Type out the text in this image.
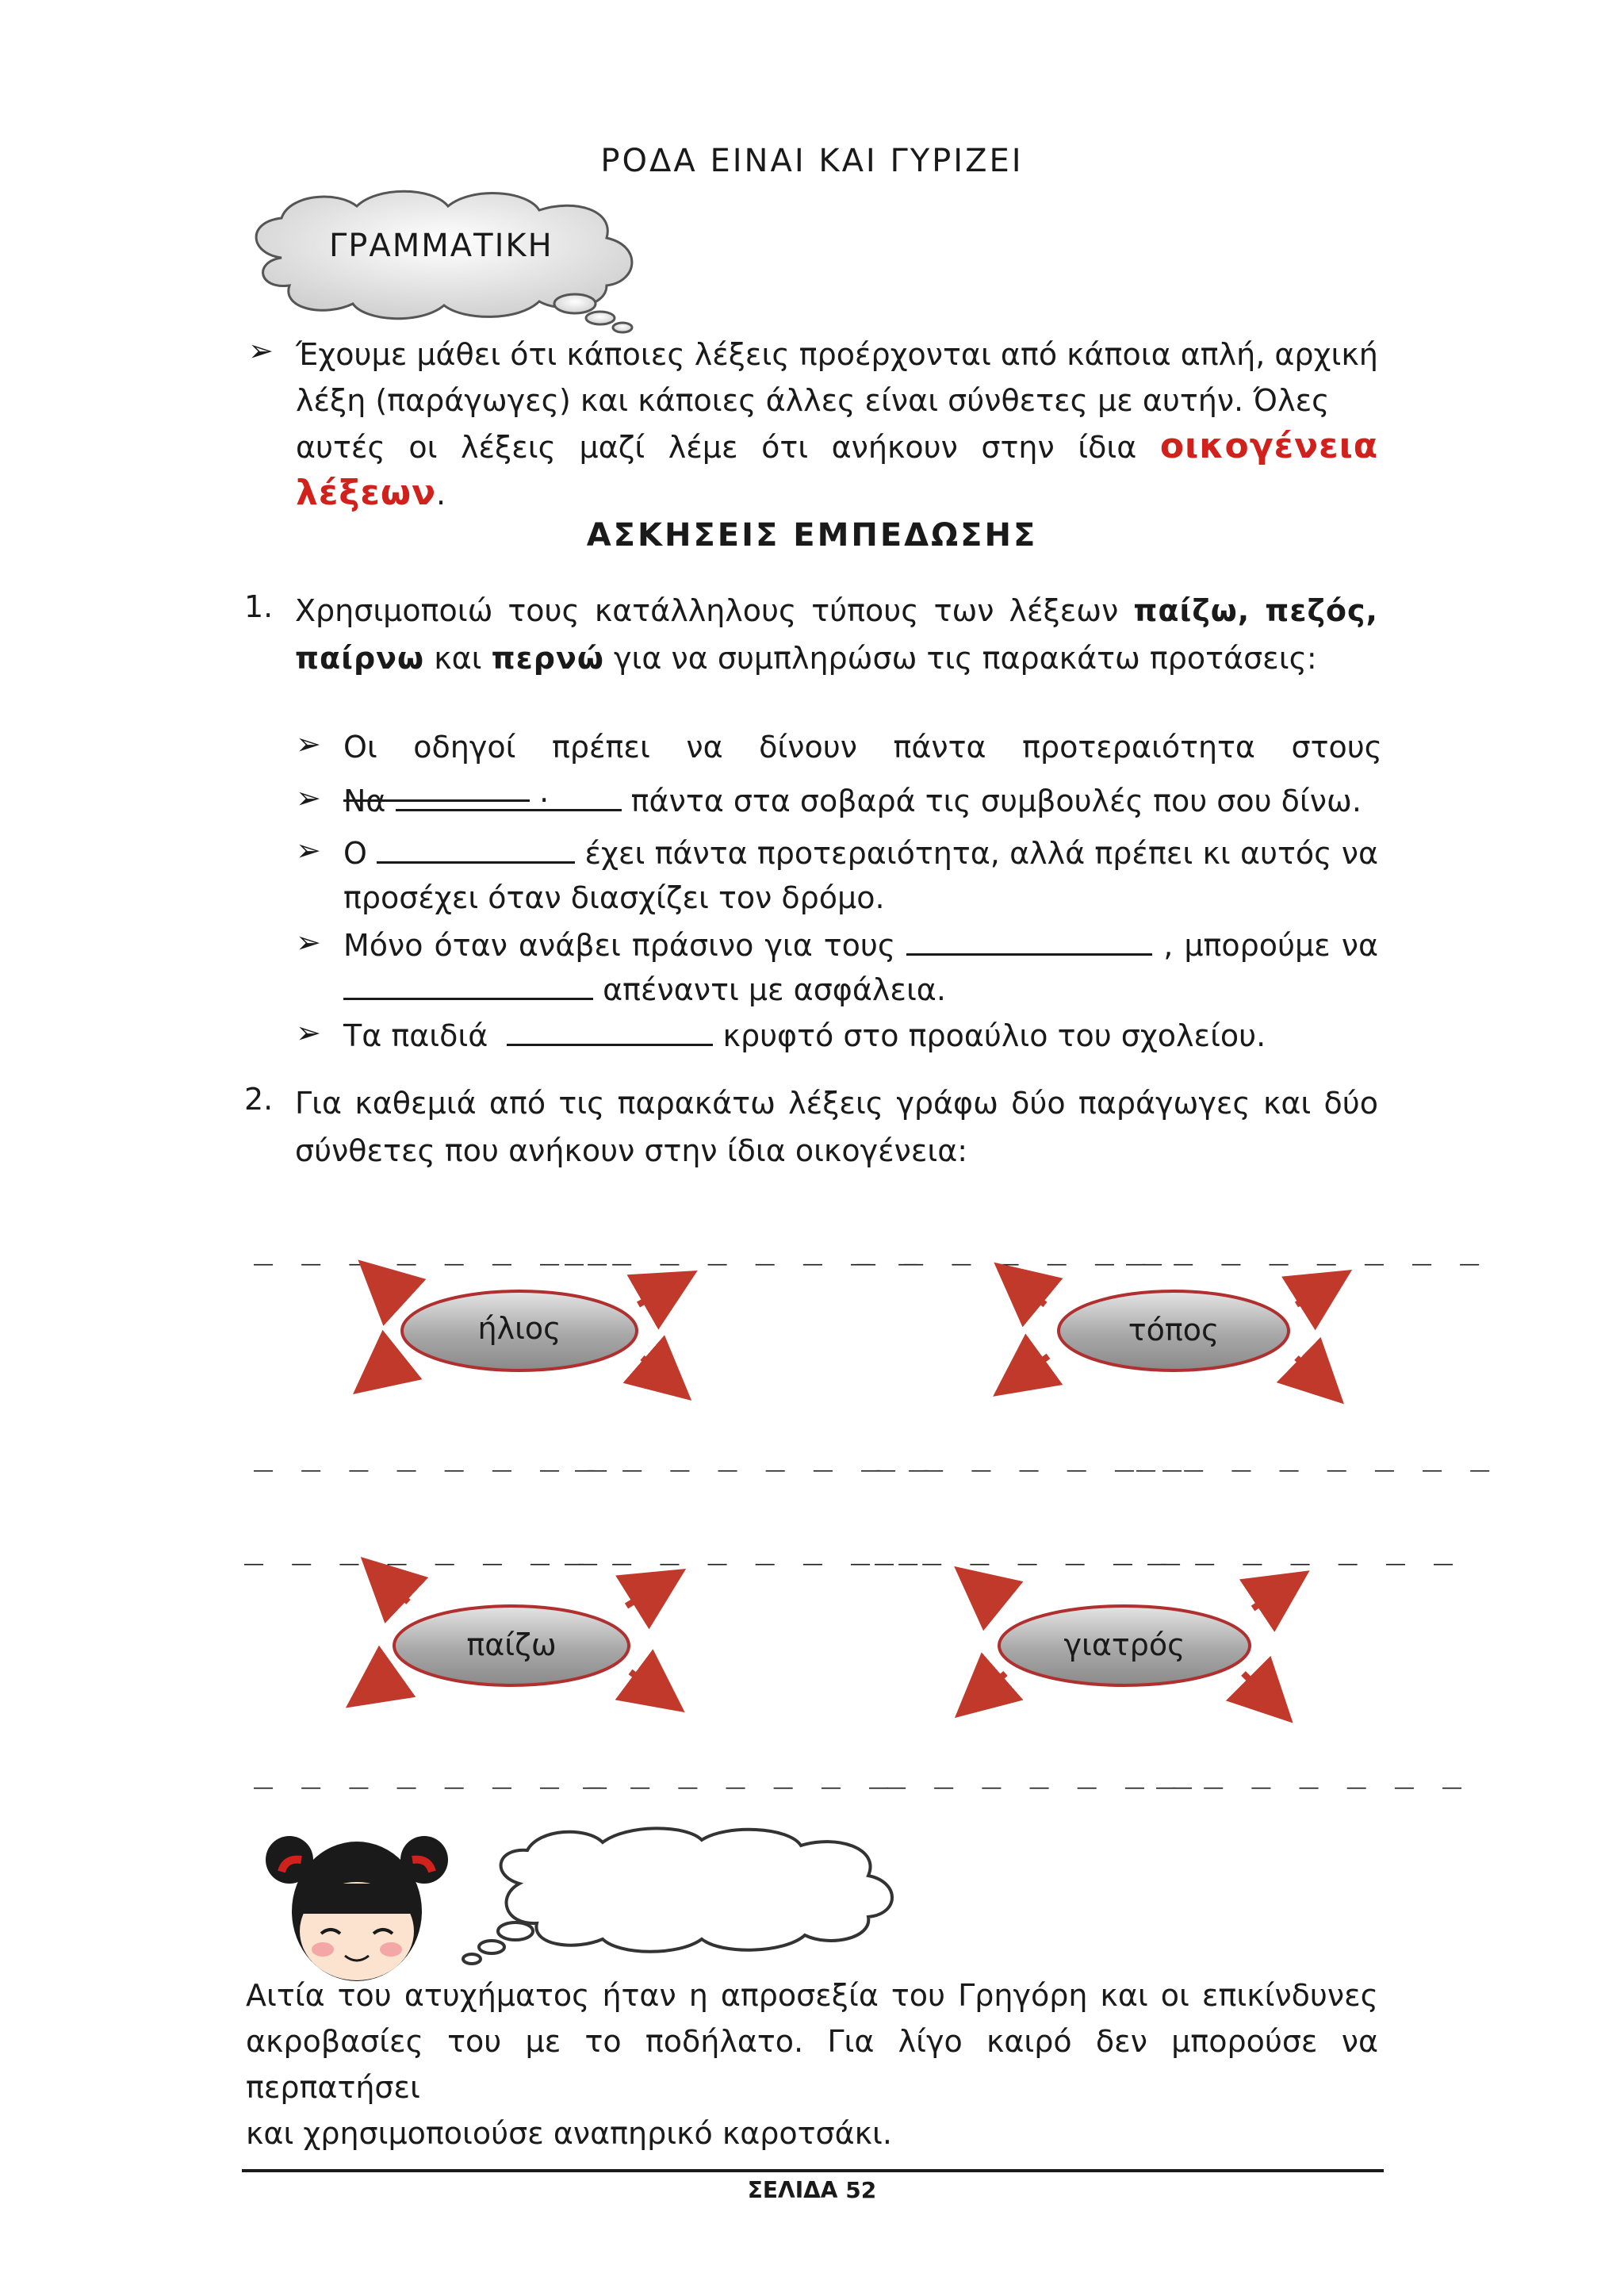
ΡΟΔΑ ΕΙΝΑΙ ΚΑΙ ΓΥΡΙΖΕΙ
ΓΡΑΜΜΑΤΙΚΗ
➢ Έχουμε μάθει ότι κάποιες λέξεις προέρχονται από κάποια απλή, αρχική
λέξη (παράγωγες) και κάποιες άλλες είναι σύνθετες με αυτήν. Όλες
αυτές οι λέξεις μαζί λέμε ότι ανήκουν στην ίδια οικογένεια λέξεων.
ΑΣΚΗΣΕΙΣ ΕΜΠΕΔΩΣΗΣ
1. Χρησιμοποιώ τους κατάλληλους τύπους των λέξεων παίζω, πεζός,
παίρνω και περνώ για να συμπληρώσω τις παρακάτω προτάσεις:
➢ Οι οδηγοί πρέπει να δίνουν πάντα προτεραιότητα στους  .
➢ Να	πάντα στα σοβαρά τις συμβουλές που σου δίνω.
➢ Ο	έχει πάντα προτεραιότητα, αλλά πρέπει κι αυτός να
προσέχει όταν διασχίζει τον δρόμο.
➢ Μόνο όταν ανάβει πράσινο για τους	, μπορούμε να
απέναντι με ασφάλεια.
➢ Τα παιδιά	κρυφτό στο προαύλιο του σχολείου.
2. Για καθεμιά από τις παρακάτω λέξεις γράφω δύο παράγωγες και δύο
σύνθετες που ανήκουν στην ίδια οικογένεια:
_ _ _ _ _ _ _ _
_ _ _ _ _ _ _ _
_ _ _ _ _ _ _
_ _ _ _ _ _ _ _
_ _ _ _ _ _ _ _
_ _ _ _ _ _ _ _
_ _ _ _ _ _ _
_ _ _ _ _ _ _ _
_ _ _ _ _ _ _ _
_ _ _ _ _ _ _ _
_ _ _ _ _ _ _
_ _ _ _ _ _ _
_ _ _ _ _ _ _ _
_ _ _ _ _ _ _
_ _ _ _ _ _ _
_ _ _ _ _ _ _
ήλιος	τόπος
παίζω	γιατρός
Αιτία του ατυχήματος ήταν η απροσεξία του Γρηγόρη και οι επικίνδυνες
ακροβασίες του με το ποδήλατο. Για λίγο καιρό δεν μπορούσε να περπατήσει
και χρησιμοποιούσε αναπηρικό καροτσάκι.
ΣΕΛΙΔΑ 52
